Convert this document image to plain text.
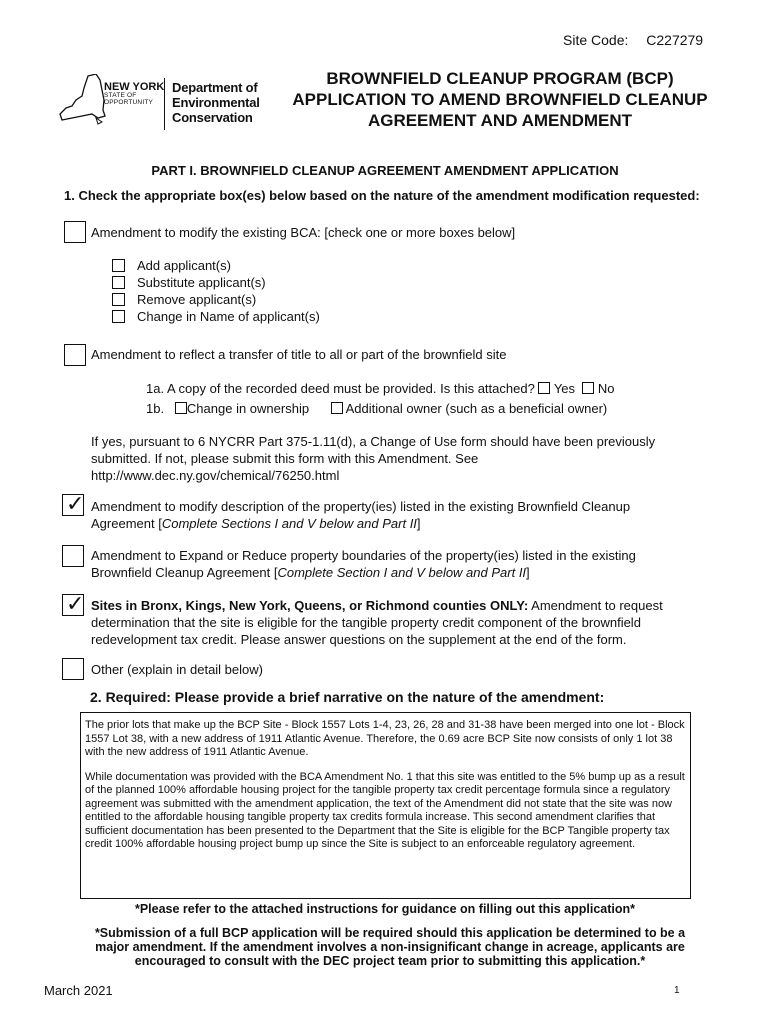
Site Code: C227279
NEW YORK
STATE OF
OPPORTUNITY
Department of
Environmental
Conservation
BROWNFIELD CLEANUP PROGRAM (BCP)
APPLICATION TO AMEND BROWNFIELD CLEANUP
AGREEMENT AND AMENDMENT
PART I. BROWNFIELD CLEANUP AGREEMENT AMENDMENT APPLICATION
1. Check the appropriate box(es) below based on the nature of the amendment modification requested:
Amendment to modify the existing BCA: [check one or more boxes below]
Add applicant(s)
Substitute applicant(s)
Remove applicant(s)
Change in Name of applicant(s)
Amendment to reflect a transfer of title to all or part of the brownfield site
1a. A copy of the recorded deed must be provided. Is this attached? Yes No
1b. Change in ownership	Additional owner (such as a beneficial owner)
If yes, pursuant to 6 NYCRR Part 375-1.11(d), a Change of Use form should have been previously
submitted. If not, please submit this form with this Amendment. See
http://www.dec.ny.gov/chemical/76250.html
✓
Amendment to modify description of the property(ies) listed in the existing Brownfield Cleanup
Agreement [Complete Sections I and V below and Part II]
Amendment to Expand or Reduce property boundaries of the property(ies) listed in the existing
Brownfield Cleanup Agreement [Complete Section I and V below and Part II]
✓
Sites in Bronx, Kings, New York, Queens, or Richmond counties ONLY: Amendment to request
determination that the site is eligible for the tangible property credit component of the brownfield
redevelopment tax credit. Please answer questions on the supplement at the end of the form.
Other (explain in detail below)
2. Required: Please provide a brief narrative on the nature of the amendment:

The prior lots that make up the BCP Site - Block 1557 Lots 1-4, 23, 26, 28 and 31-38 have been merged into one lot - Block 1557 Lot 38, with a new address of 1911 Atlantic Avenue. Therefore, the 0.69 acre BCP Site now consists of only 1 lot 38 with the new address of 1911 Atlantic Avenue.

While documentation was provided with the BCA Amendment No. 1 that this site was entitled to the 5% bump up as a result of the planned 100% affordable housing project for the tangible property tax credit percentage formula since a regulatory agreement was submitted with the amendment application, the text of the Amendment did not state that the site was now entitled to the affordable housing tangible property tax credits formula increase. This second amendment clarifies that sufficient documentation has been presented to the Department that the Site is eligible for the BCP Tangible property tax credit 100% affordable housing project bump up since the Site is subject to an enforceable regulatory agreement.

*Please refer to the attached instructions for guidance on filling out this application*
*Submission of a full BCP application will be required should this application be determined to be a
major amendment. If the amendment involves a non-insignificant change in acreage, applicants are
encouraged to consult with the DEC project team prior to submitting this application.*
March 2021	1
